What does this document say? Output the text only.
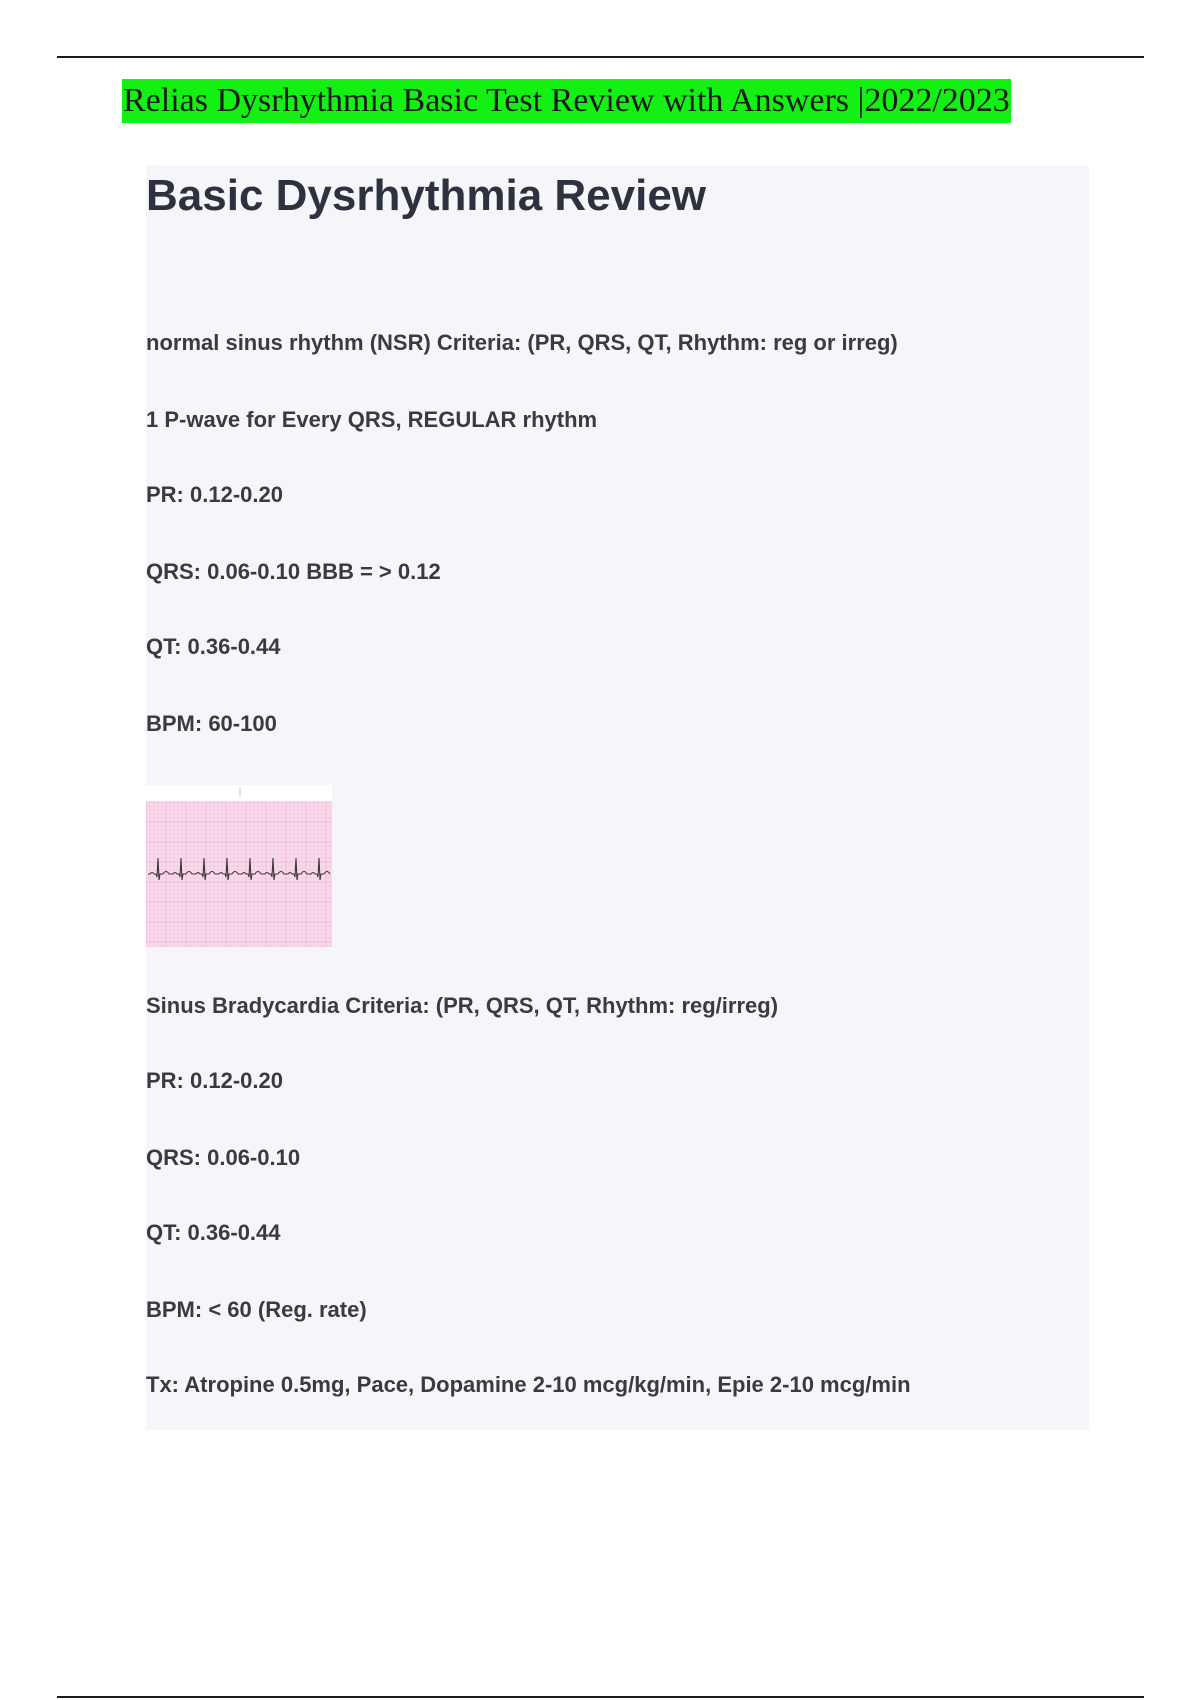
Relias Dysrhythmia Basic Test Review with Answers |2022/2023
Basic Dysrhythmia Review
normal sinus rhythm (NSR) Criteria: (PR, QRS, QT, Rhythm: reg or irreg)
1 P-wave for Every QRS, REGULAR rhythm
PR: 0.12-0.20
QRS: 0.06-0.10 BBB = > 0.12
QT: 0.36-0.44
BPM: 60-100
Sinus Bradycardia Criteria: (PR, QRS, QT, Rhythm: reg/irreg)
PR: 0.12-0.20
QRS: 0.06-0.10
QT: 0.36-0.44
BPM: < 60 (Reg. rate)
Tx: Atropine 0.5mg, Pace, Dopamine 2-10 mcg/kg/min, Epie 2-10 mcg/min
